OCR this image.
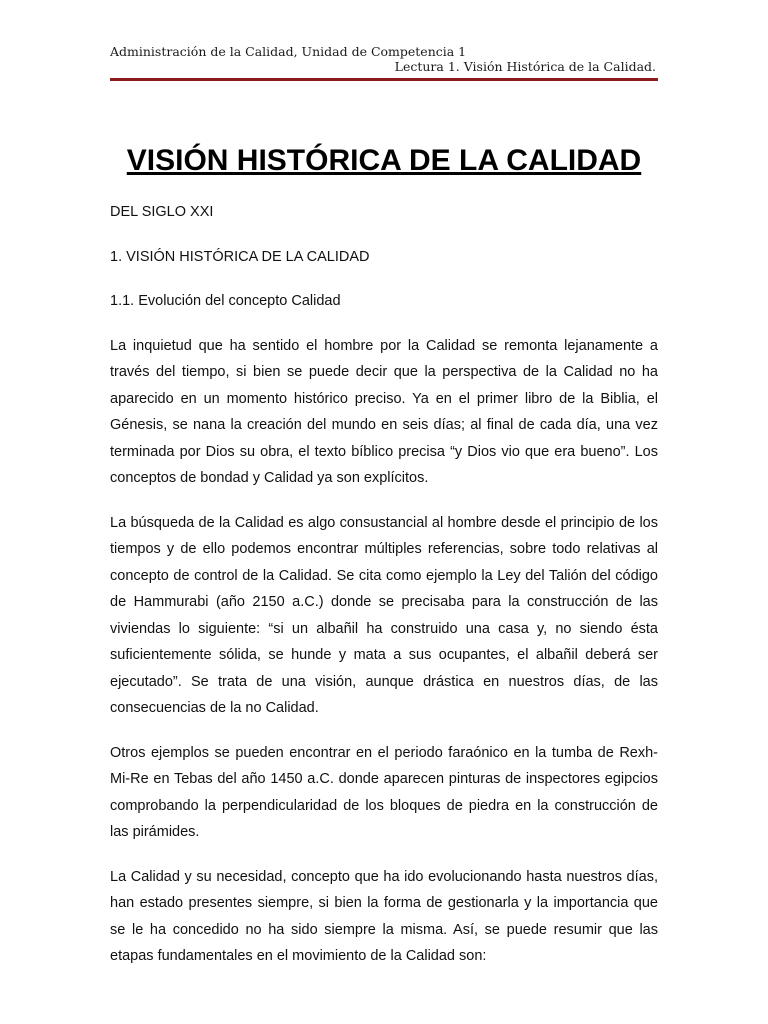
Administración de la Calidad, Unidad de Competencia 1
Lectura 1. Visión Histórica de la Calidad.
VISIÓN HISTÓRICA DE LA CALIDAD

DEL SIGLO XXI

1. VISIÓN HISTÓRICA DE LA CALIDAD

1.1. Evolución del concepto Calidad

La inquietud que ha sentido el hombre por la Calidad se remonta lejanamente a través del tiempo, si bien se puede decir que la perspectiva de la Calidad no ha aparecido en un momento histórico preciso. Ya en el primer libro de la Biblia, el Génesis, se nana la creación del mundo en seis días; al final de cada día, una vez terminada por Dios su obra, el texto bíblico precisa “y Dios vio que era bueno”. Los conceptos de bondad y Calidad ya son explícitos.

La búsqueda de la Calidad es algo consustancial al hombre desde el principio de los tiempos y de ello podemos encontrar múltiples referencias, sobre todo relativas al concepto de control de la Calidad. Se cita como ejemplo la Ley del Talión del código de Hammurabi (año 2150 a.C.) donde se precisaba para la construcción de las viviendas lo siguiente: “si un albañil ha construido una casa y, no siendo ésta suficientemente sólida, se hunde y mata a sus ocupantes, el albañil deberá ser ejecutado”. Se trata de una visión, aunque drástica en nuestros días, de las consecuencias de la no Calidad.

Otros ejemplos se pueden encontrar en el periodo faraónico en la tumba de Rexh-Mi-Re en Tebas del año 1450 a.C. donde aparecen pinturas de inspectores egipcios comprobando la perpendicularidad de los bloques de piedra en la construcción de las pirámides.

La Calidad y su necesidad, concepto que ha ido evolucionando hasta nuestros días, han estado presentes siempre, si bien la forma de gestionarla y la importancia que se le ha concedido no ha sido siempre la misma. Así, se puede resumir que las etapas fundamentales en el movimiento de la Calidad son:
